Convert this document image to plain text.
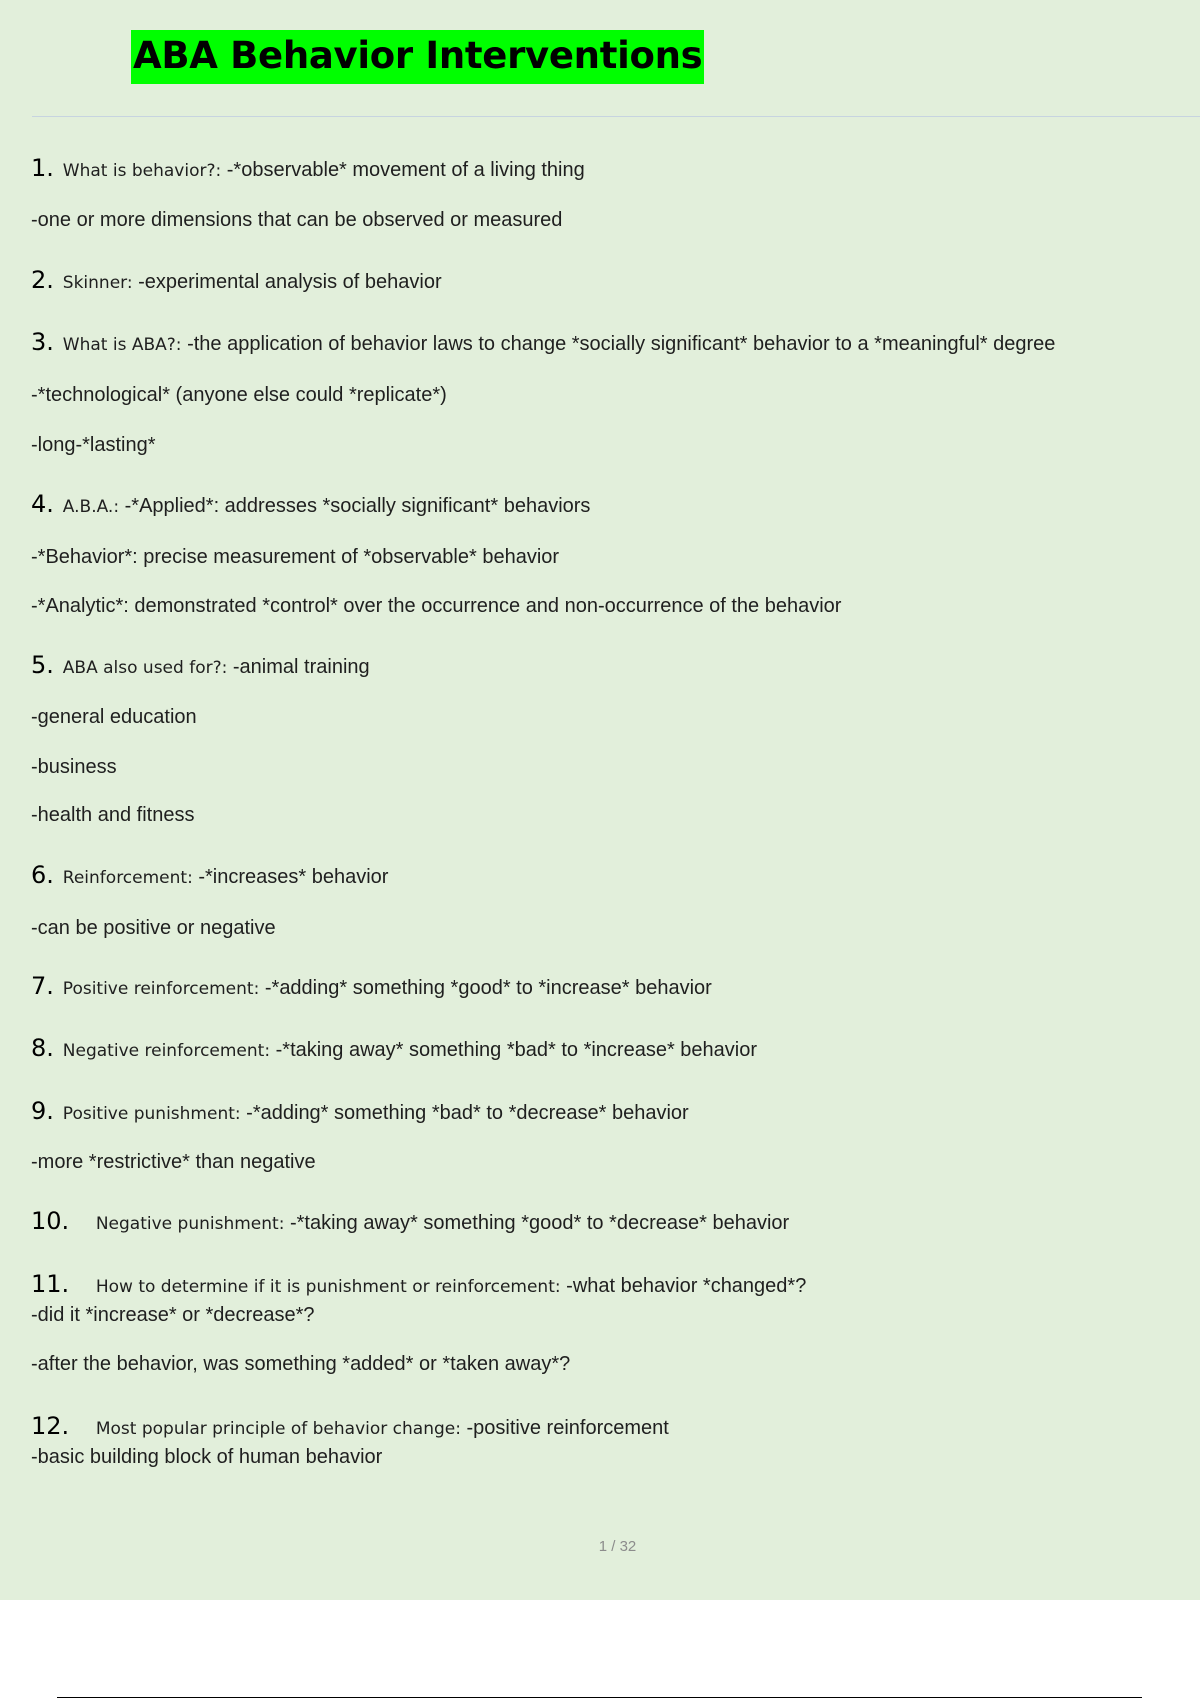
ABA Behavior Interventions
1. What is behavior?: -*observable* movement of a living thing
-one or more dimensions that can be observed or measured
2. Skinner: -experimental analysis of behavior
3. What is ABA?: -the application of behavior laws to change *socially significant* behavior to a *meaningful* degree
-*technological* (anyone else could *replicate*)
-long-*lasting*
4. A.B.A.: -*Applied*: addresses *socially significant* behaviors
-*Behavior*: precise measurement of *observable* behavior
-*Analytic*: demonstrated *control* over the occurrence and non-occurrence of the behavior
5. ABA also used for?: -animal training
-general education
-business
-health and fitness
6. Reinforcement: -*increases* behavior
-can be positive or negative
7. Positive reinforcement: -*adding* something *good* to *increase* behavior
8. Negative reinforcement: -*taking away* something *bad* to *increase* behavior
9. Positive punishment: -*adding* something *bad* to *decrease* behavior
-more *restrictive* than negative
10. Negative punishment: -*taking away* something *good* to *decrease* behavior
11. How to determine if it is punishment or reinforcement: -what behavior *changed*?
-did it *increase* or *decrease*?
-after the behavior, was something *added* or *taken away*?
12. Most popular principle of behavior change: -positive reinforcement
-basic building block of human behavior
1 / 32
